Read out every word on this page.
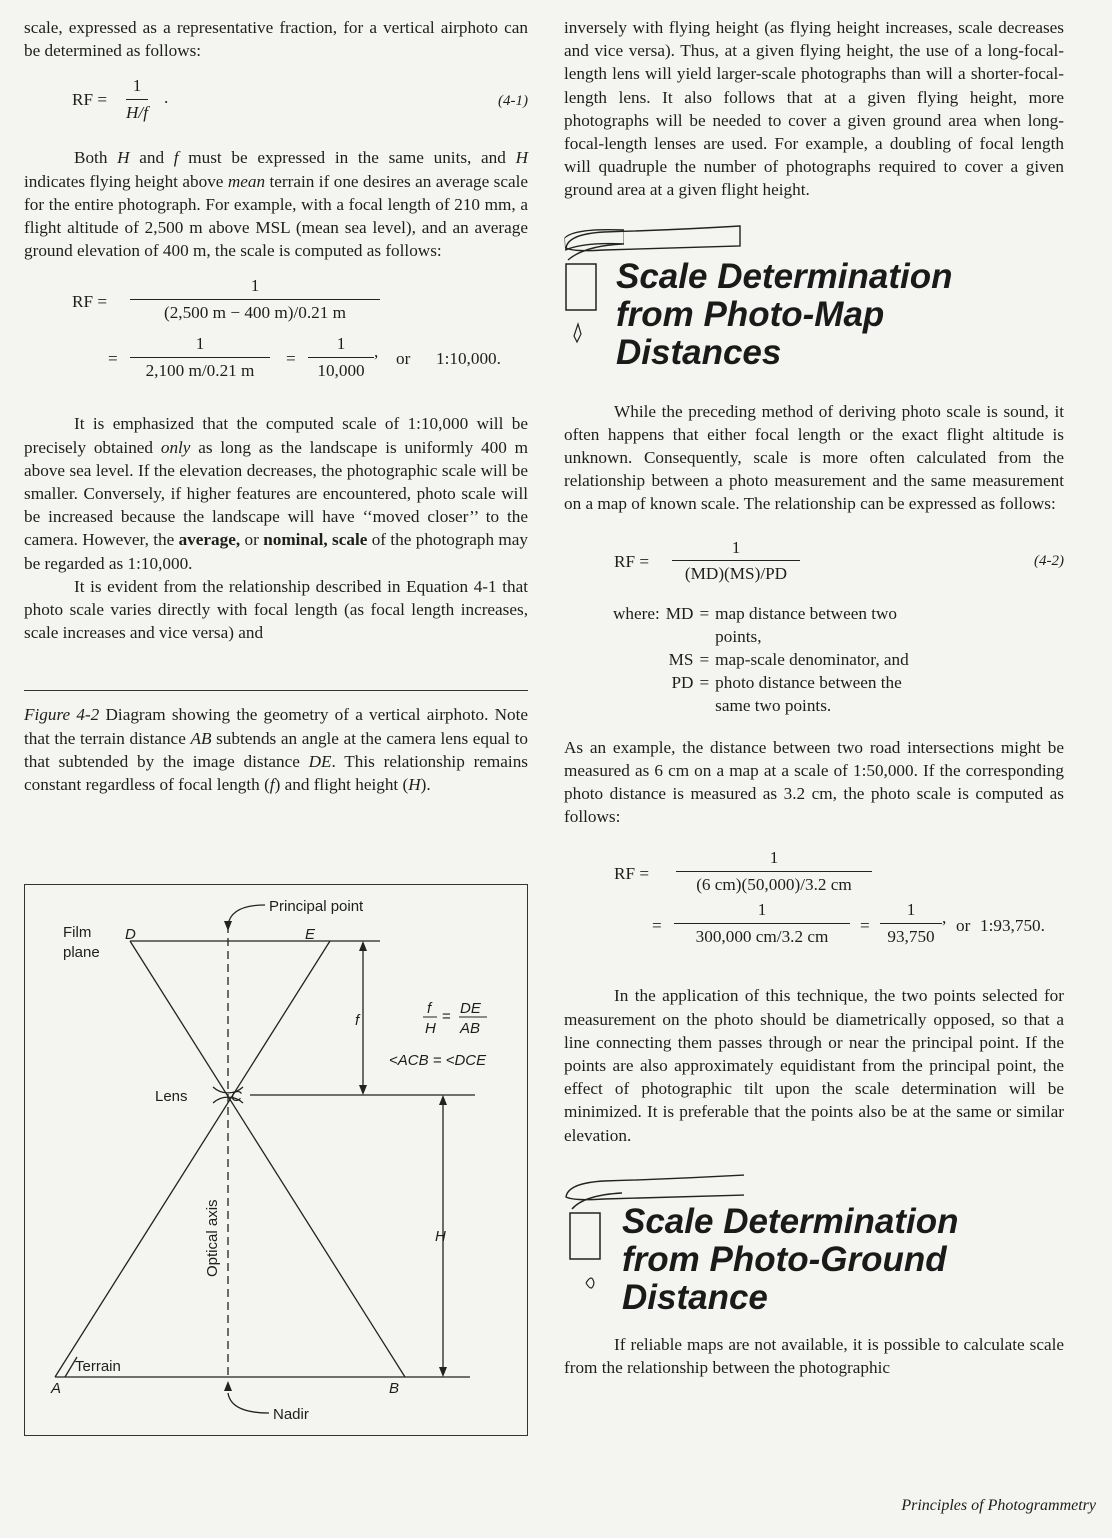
scale, expressed as a representative fraction, for a vertical airphoto can be determined as follows:

RF = $\frac{1}{H/f}$ .	(4-1)

Both H and f must be expressed in the same units, and H indicates flying height above mean terrain if one desires an average scale for the entire photograph. For example, with a focal length of 210 mm, a flight altitude of 2,500 m above MSL (mean sea level), and an average ground elevation of 400 m, the scale is computed as follows:

RF = $\frac{1}{(2,500 m - 400 m)/0.21 m}$
= $\frac{1}{2,100 m/0.21 m} = \frac{1}{10,000}$ , or 1:10,000.

It is emphasized that the computed scale of 1:10,000 will be precisely obtained only as long as the landscape is uniformly 400 m above sea level. If the elevation decreases, the photographic scale will be smaller. Conversely, if higher features are encountered, photo scale will be increased because the landscape will have ‘‘moved closer’’ to the camera. However, the average, or nominal, scale of the photograph may be regarded as 1:10,000.

It is evident from the relationship described in Equation 4-1 that photo scale varies directly with focal length (as focal length increases, scale increases and vice versa) and

Figure 4-2 Diagram showing the geometry of a vertical airphoto. Note that the terrain distance AB subtends an angle at the camera lens equal to that subtended by the image distance DE. This relationship remains constant regardless of focal length (f) and flight height (H).

Principal point
Film
plane
D	E
f
f
H
= DE
AB
<ACB = <DCE
Lens	C
Optical axis	H
Terrain
A	B
Nadir

inversely with flying height (as flying height increases, scale decreases and vice versa). Thus, at a given flying height, the use of a long-focal-length lens will yield larger-scale photographs than will a shorter-focal-length lens. It also follows that at a given flying height, more photographs will be needed to cover a given ground area when long-focal-length lenses are used. For example, a doubling of focal length will quadruple the number of photographs required to cover a given ground area at a given flight height.

Scale Determination
from Photo-Map
Distances

While the preceding method of deriving photo scale is sound, it often happens that either focal length or the exact flight altitude is unknown. Consequently, scale is more often calculated from the relationship between a photo measurement and the same measurement on a map of known scale. The relationship can be expressed as follows:

RF = $\frac{1}{(MD)(MS)/PD}$	(4-2)
where:	MD	=	map distance between two points,
	MS	=	map-scale denominator, and
	PD	=	photo distance between the same two points.

As an example, the distance between two road intersections might be measured as 6 cm on a map at a scale of 1:50,000. If the corresponding photo distance is measured as 3.2 cm, the photo scale is computed as follows:

RF = $\frac{1}{(6 cm)(50,000)/3.2 cm}$
= $\frac{1}{300,000 cm/3.2 cm} = \frac{1}{93,750}$ , or 1:93,750.

In the application of this technique, the two points selected for measurement on the photo should be diametrically opposed, so that a line connecting them passes through or near the principal point. If the points are also approximately equidistant from the principal point, the effect of photographic tilt upon the scale determination will be minimized. It is preferable that the points also be at the same or similar elevation.

Scale Determination
from Photo-Ground
Distance

If reliable maps are not available, it is possible to calculate scale from the relationship between the photographic

Principles of Photogrammetry
